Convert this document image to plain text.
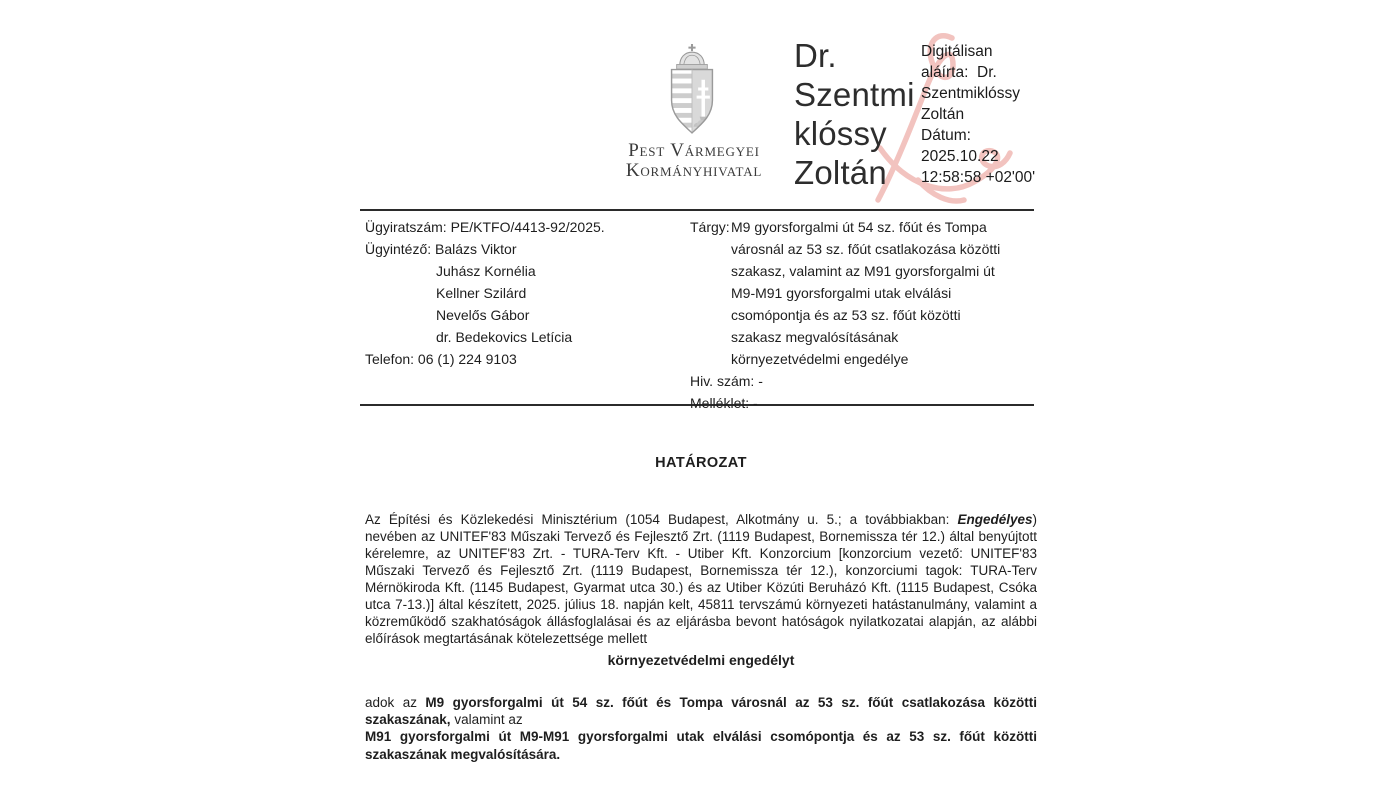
Pest Vármegyei
Kormányhivatal
Dr.
Szentmi
klóssy
Zoltán
Digitálisan
aláírta:  Dr.
Szentmiklóssy
Zoltán
Dátum:
2025.10.22
12:58:58 +02'00'
Ügyiratszám: PE/KTFO/4413-92/2025.
Ügyintéző: Balázs Viktor
Juhász Kornélia
Kellner Szilárd
Nevelős Gábor
dr. Bedekovics Letícia
Telefon: 06 (1) 224 9103
Tárgy: M9 gyorsforgalmi út 54 sz. főút és Tompa
városnál az 53 sz. főút csatlakozása közötti
szakasz, valamint az M91 gyorsforgalmi út
M9-M91 gyorsforgalmi utak elválási
csomópontja és az 53 sz. főút közötti
szakasz megvalósításának
környezetvédelmi engedélye
Hiv. szám: -
Melléklet: -
HATÁROZAT

Az Építési és Közlekedési Minisztérium (1054 Budapest, Alkotmány u. 5.; a továbbiakban: Engedélyes) nevében az UNITEF'83 Műszaki Tervező és Fejlesztő Zrt. (1119 Budapest, Bornemissza tér 12.) által benyújtott kérelemre, az UNITEF'83 Zrt. - TURA-Terv Kft. - Utiber Kft. Konzorcium [konzorcium vezető: UNITEF'83 Műszaki Tervező és Fejlesztő Zrt. (1119 Budapest, Bornemissza tér 12.), konzorciumi tagok: TURA-Terv Mérnökiroda Kft. (1145 Budapest, Gyarmat utca 30.) és az Utiber Közúti Beruházó Kft. (1115 Budapest, Csóka utca 7-13.)] által készített, 2025. július 18. napján kelt, 45811 tervszámú környezeti hatástanulmány, valamint a közreműködő szakhatóságok állásfoglalásai és az eljárásba bevont hatóságok nyilatkozatai alapján, az alábbi előírások megtartásának kötelezettsége mellett

környezetvédelmi engedélyt

adok az M9 gyorsforgalmi út 54 sz. főút és Tompa városnál az 53 sz. főút csatlakozása közötti szakaszának, valamint az

M91 gyorsforgalmi út M9-M91 gyorsforgalmi utak elválási csomópontja és az 53 sz. főút közötti szakaszának megvalósítására.
